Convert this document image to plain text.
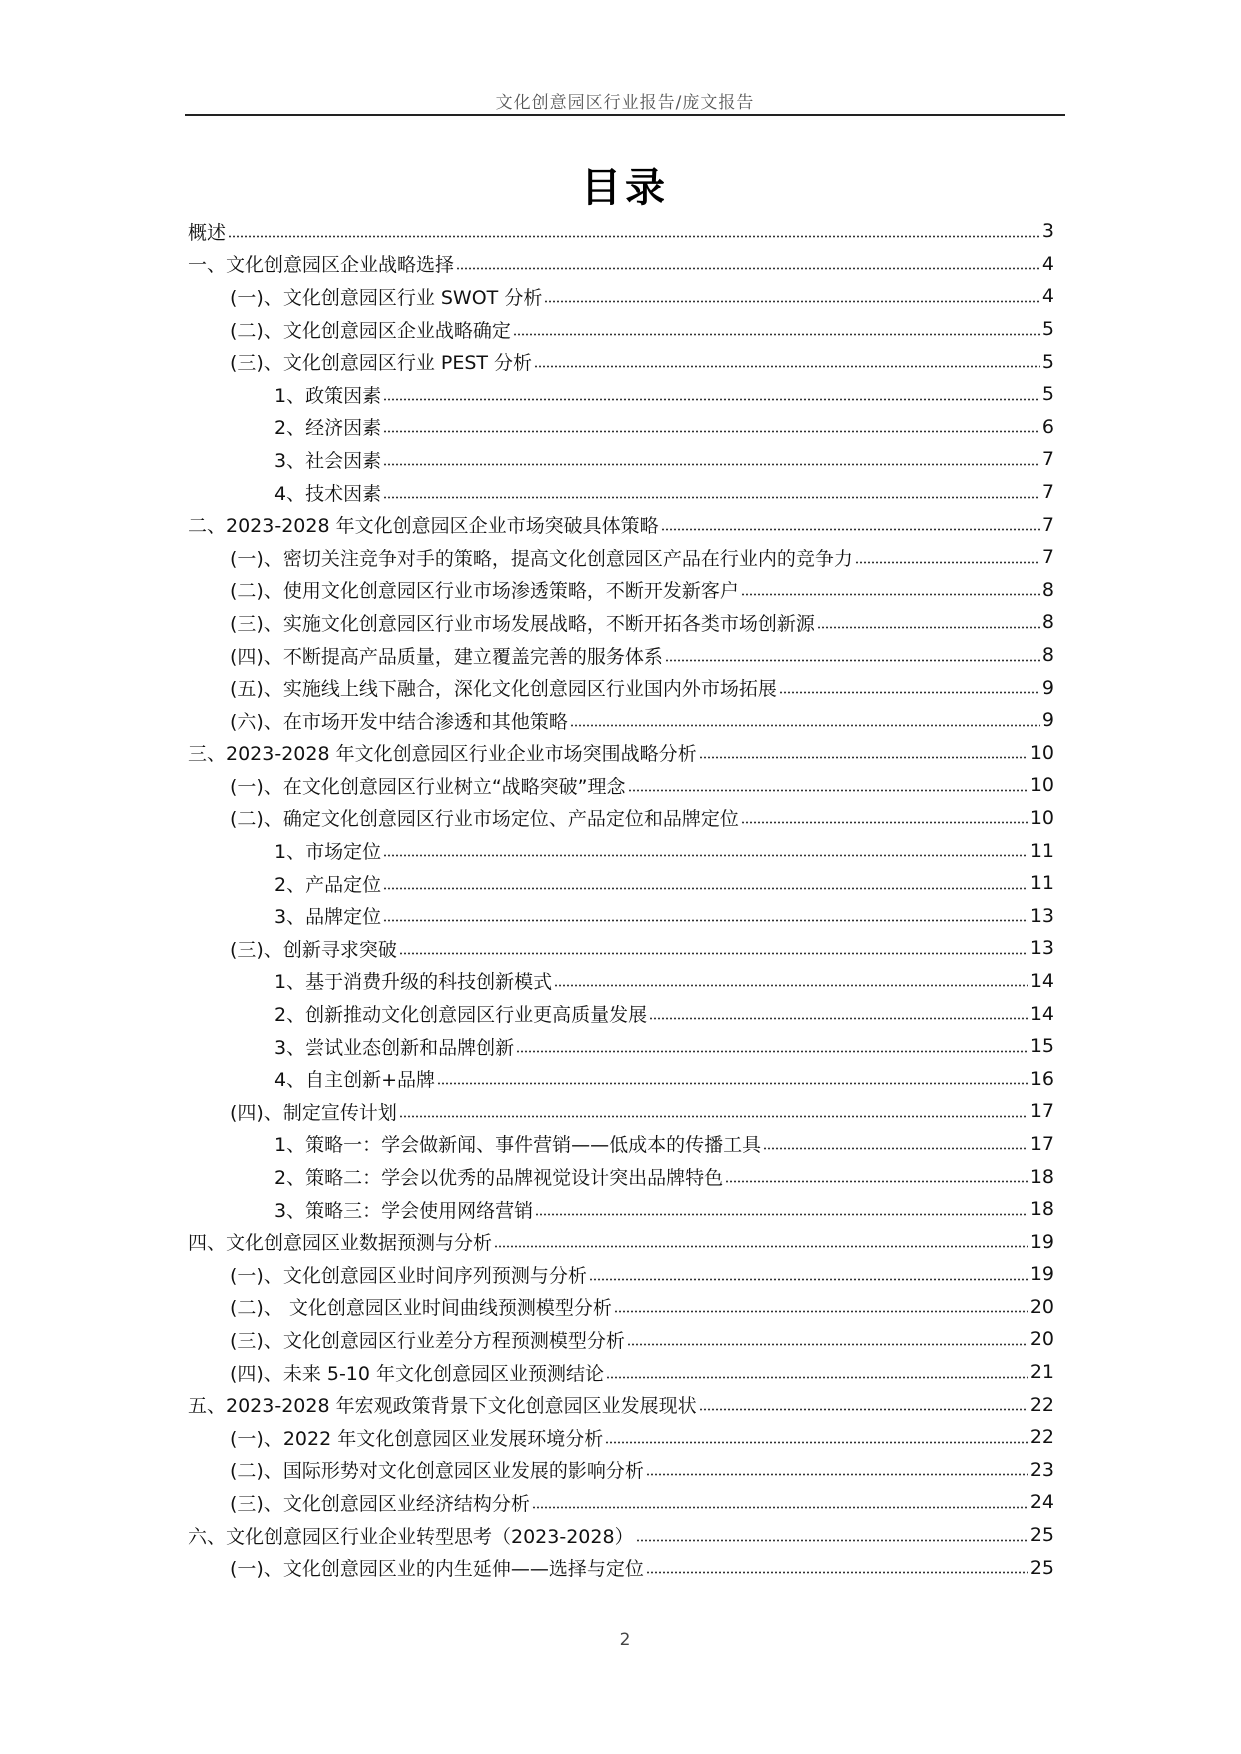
文化创意园区行业报告/庞文报告
目录
概述	3
一、文化创意园区企业战略选择	4
(一)、文化创意园区行业 SWOT 分析	4
(二)、文化创意园区企业战略确定	5
(三)、文化创意园区行业 PEST 分析	5
1、政策因素	5
2、经济因素	6
3、社会因素	7
4、技术因素	7
二、2023-2028 年文化创意园区企业市场突破具体策略	7
(一)、密切关注竞争对手的策略，提高文化创意园区产品在行业内的竞争力	7
(二)、使用文化创意园区行业市场渗透策略，不断开发新客户	8
(三)、实施文化创意园区行业市场发展战略，不断开拓各类市场创新源	8
(四)、不断提高产品质量，建立覆盖完善的服务体系	8
(五)、实施线上线下融合，深化文化创意园区行业国内外市场拓展	9
(六)、在市场开发中结合渗透和其他策略	9
三、2023-2028 年文化创意园区行业企业市场突围战略分析	10
(一)、在文化创意园区行业树立“战略突破”理念	10
(二)、确定文化创意园区行业市场定位、产品定位和品牌定位	10
1、市场定位	11
2、产品定位	11
3、品牌定位	13
(三)、创新寻求突破	13
1、基于消费升级的科技创新模式	14
2、创新推动文化创意园区行业更高质量发展	14
3、尝试业态创新和品牌创新	15
4、自主创新+品牌	16
(四)、制定宣传计划	17
1、策略一：学会做新闻、事件营销——低成本的传播工具	17
2、策略二：学会以优秀的品牌视觉设计突出品牌特色	18
3、策略三：学会使用网络营销	18
四、文化创意园区业数据预测与分析	19
(一)、文化创意园区业时间序列预测与分析	19
(二)、 文化创意园区业时间曲线预测模型分析	20
(三)、文化创意园区行业差分方程预测模型分析	20
(四)、未来 5-10 年文化创意园区业预测结论	21
五、2023-2028 年宏观政策背景下文化创意园区业发展现状	22
(一)、2022 年文化创意园区业发展环境分析	22
(二)、国际形势对文化创意园区业发展的影响分析	23
(三)、文化创意园区业经济结构分析	24
六、文化创意园区行业企业转型思考（2023-2028）	25
(一)、文化创意园区业的内生延伸——选择与定位	25
2
